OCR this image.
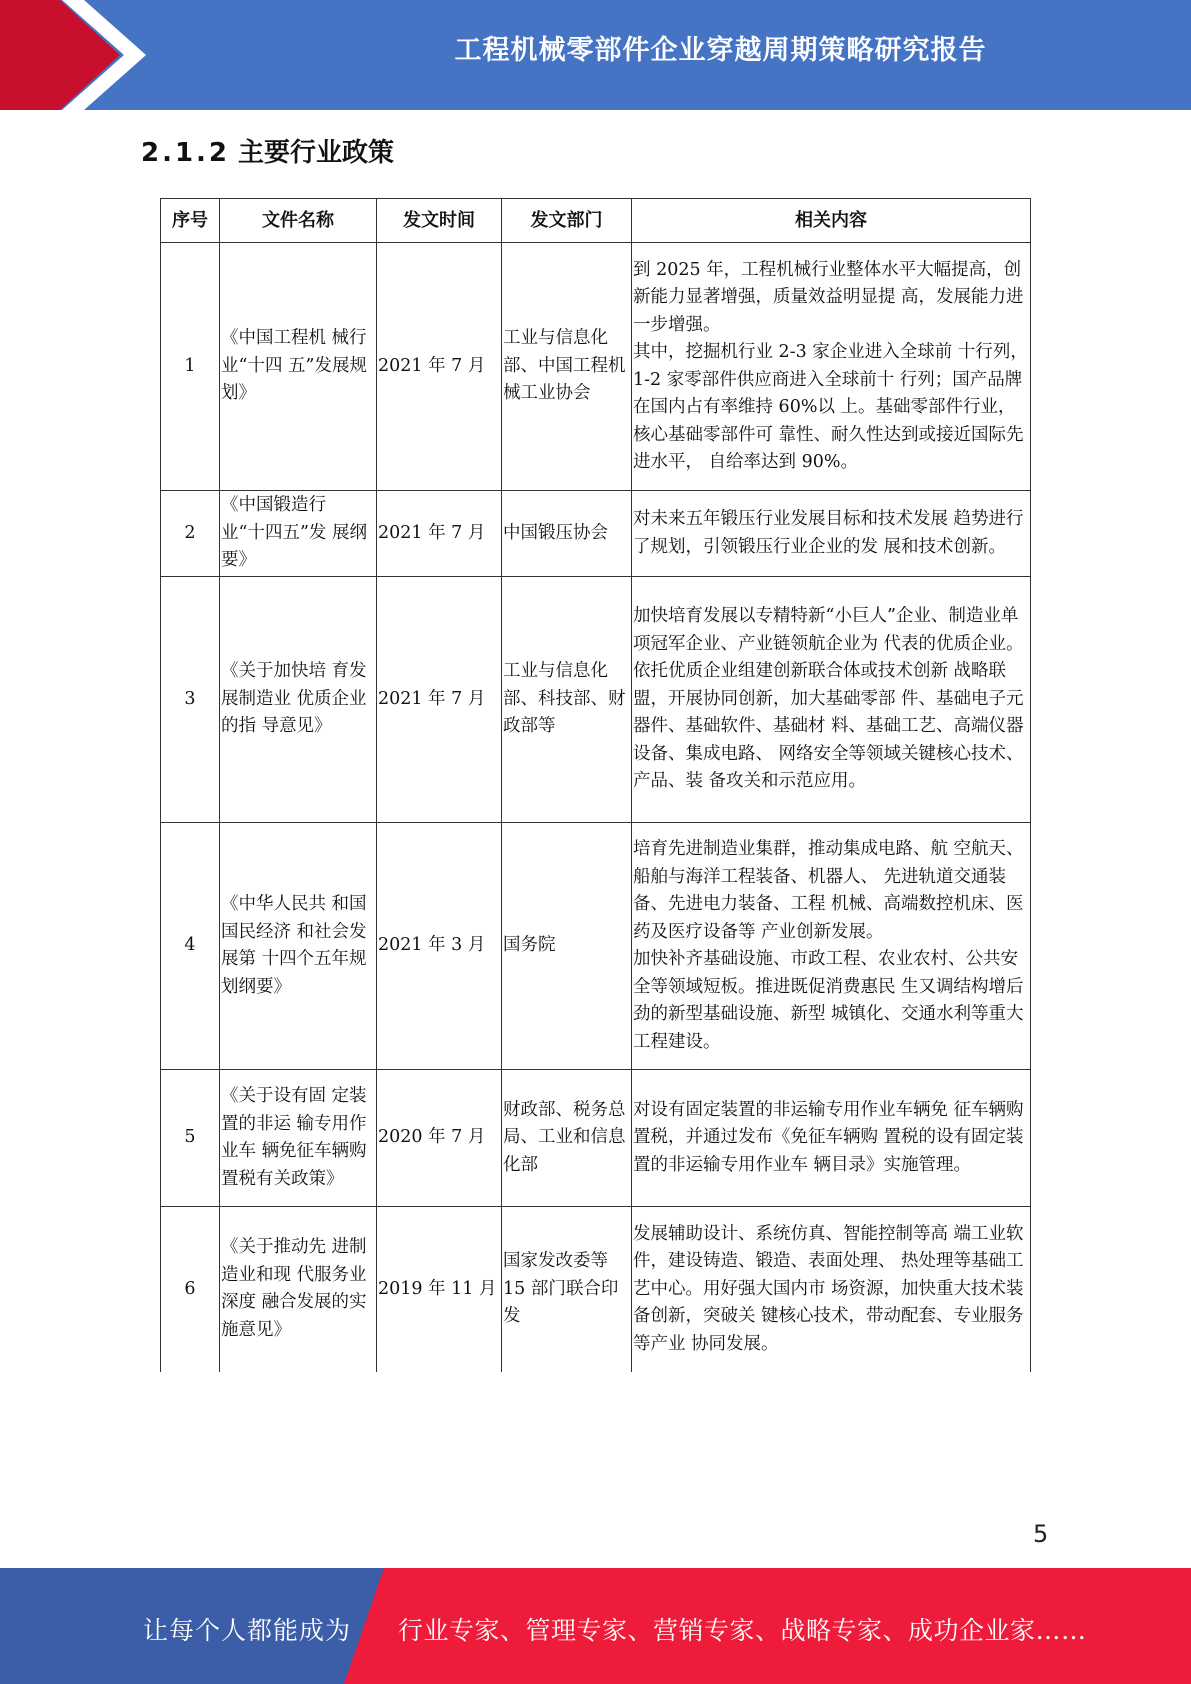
工程机械零部件企业穿越周期策略研究报告
2.1.2 主要行业政策
序号	文件名称	发文时间	发文部门	相关内容
1	《中国工程机 械行业“十四 五”发展规划》	2021 年 7 月	工业与信息化部、中国工程机械工业协会	到 2025 年，工程机械行业整体水平大幅提高，创新能力显著增强，质量效益明显提 高，发展能力进一步增强。
其中，挖掘机行业 2-3 家企业进入全球前 十行列，1-2 家零部件供应商进入全球前十 行列；国产品牌在国内占有率维持 60%以 上。基础零部件行业，核心基础零部件可 靠性、耐久性达到或接近国际先进水平， 自给率达到 90%。
2	《中国锻造行 业“十四五”发 展纲要》	2021 年 7 月	中国锻压协会	对未来五年锻压行业发展目标和技术发展 趋势进行了规划，引领锻压行业企业的发 展和技术创新。
3	《关于加快培 育发展制造业 优质企业的指 导意见》	2021 年 7 月	工业与信息化部、科技部、财政部等	加快培育发展以专精特新“小巨人”企业、制造业单项冠军企业、产业链领航企业为 代表的优质企业。
依托优质企业组建创新联合体或技术创新 战略联盟，开展协同创新，加大基础零部 件、基础电子元器件、基础软件、基础材 料、基础工艺、高端仪器设备、集成电路、 网络安全等领域关键核心技术、产品、装 备攻关和示范应用。
4	《中华人民共 和国国民经济 和社会发展第 十四个五年规 划纲要》	2021 年 3 月	国务院	培育先进制造业集群，推动集成电路、航 空航天、船舶与海洋工程装备、机器人、 先进轨道交通装备、先进电力装备、工程 机械、高端数控机床、医药及医疗设备等 产业创新发展。
加快补齐基础设施、市政工程、农业农村、公共安全等领域短板。推进既促消费惠民 生又调结构增后劲的新型基础设施、新型 城镇化、交通水利等重大工程建设。
5	《关于设有固 定装置的非运 输专用作业车 辆免征车辆购 置税有关政策》	2020 年 7 月	财政部、税务总局、工业和信息化部	对设有固定装置的非运输专用作业车辆免 征车辆购置税，并通过发布《免征车辆购 置税的设有固定装置的非运输专用作业车 辆目录》实施管理。
6	《关于推动先 进制造业和现 代服务业深度 融合发展的实 施意见》	2019 年 11 月	国家发改委等 15 部门联合印发	发展辅助设计、系统仿真、智能控制等高 端工业软件，建设铸造、锻造、表面处理、 热处理等基础工艺中心。用好强大国内市 场资源，加快重大技术装备创新，突破关 键核心技术，带动配套、专业服务等产业 协同发展。
5
让每个人都能成为 行业专家、管理专家、营销专家、战略专家、成功企业家……
